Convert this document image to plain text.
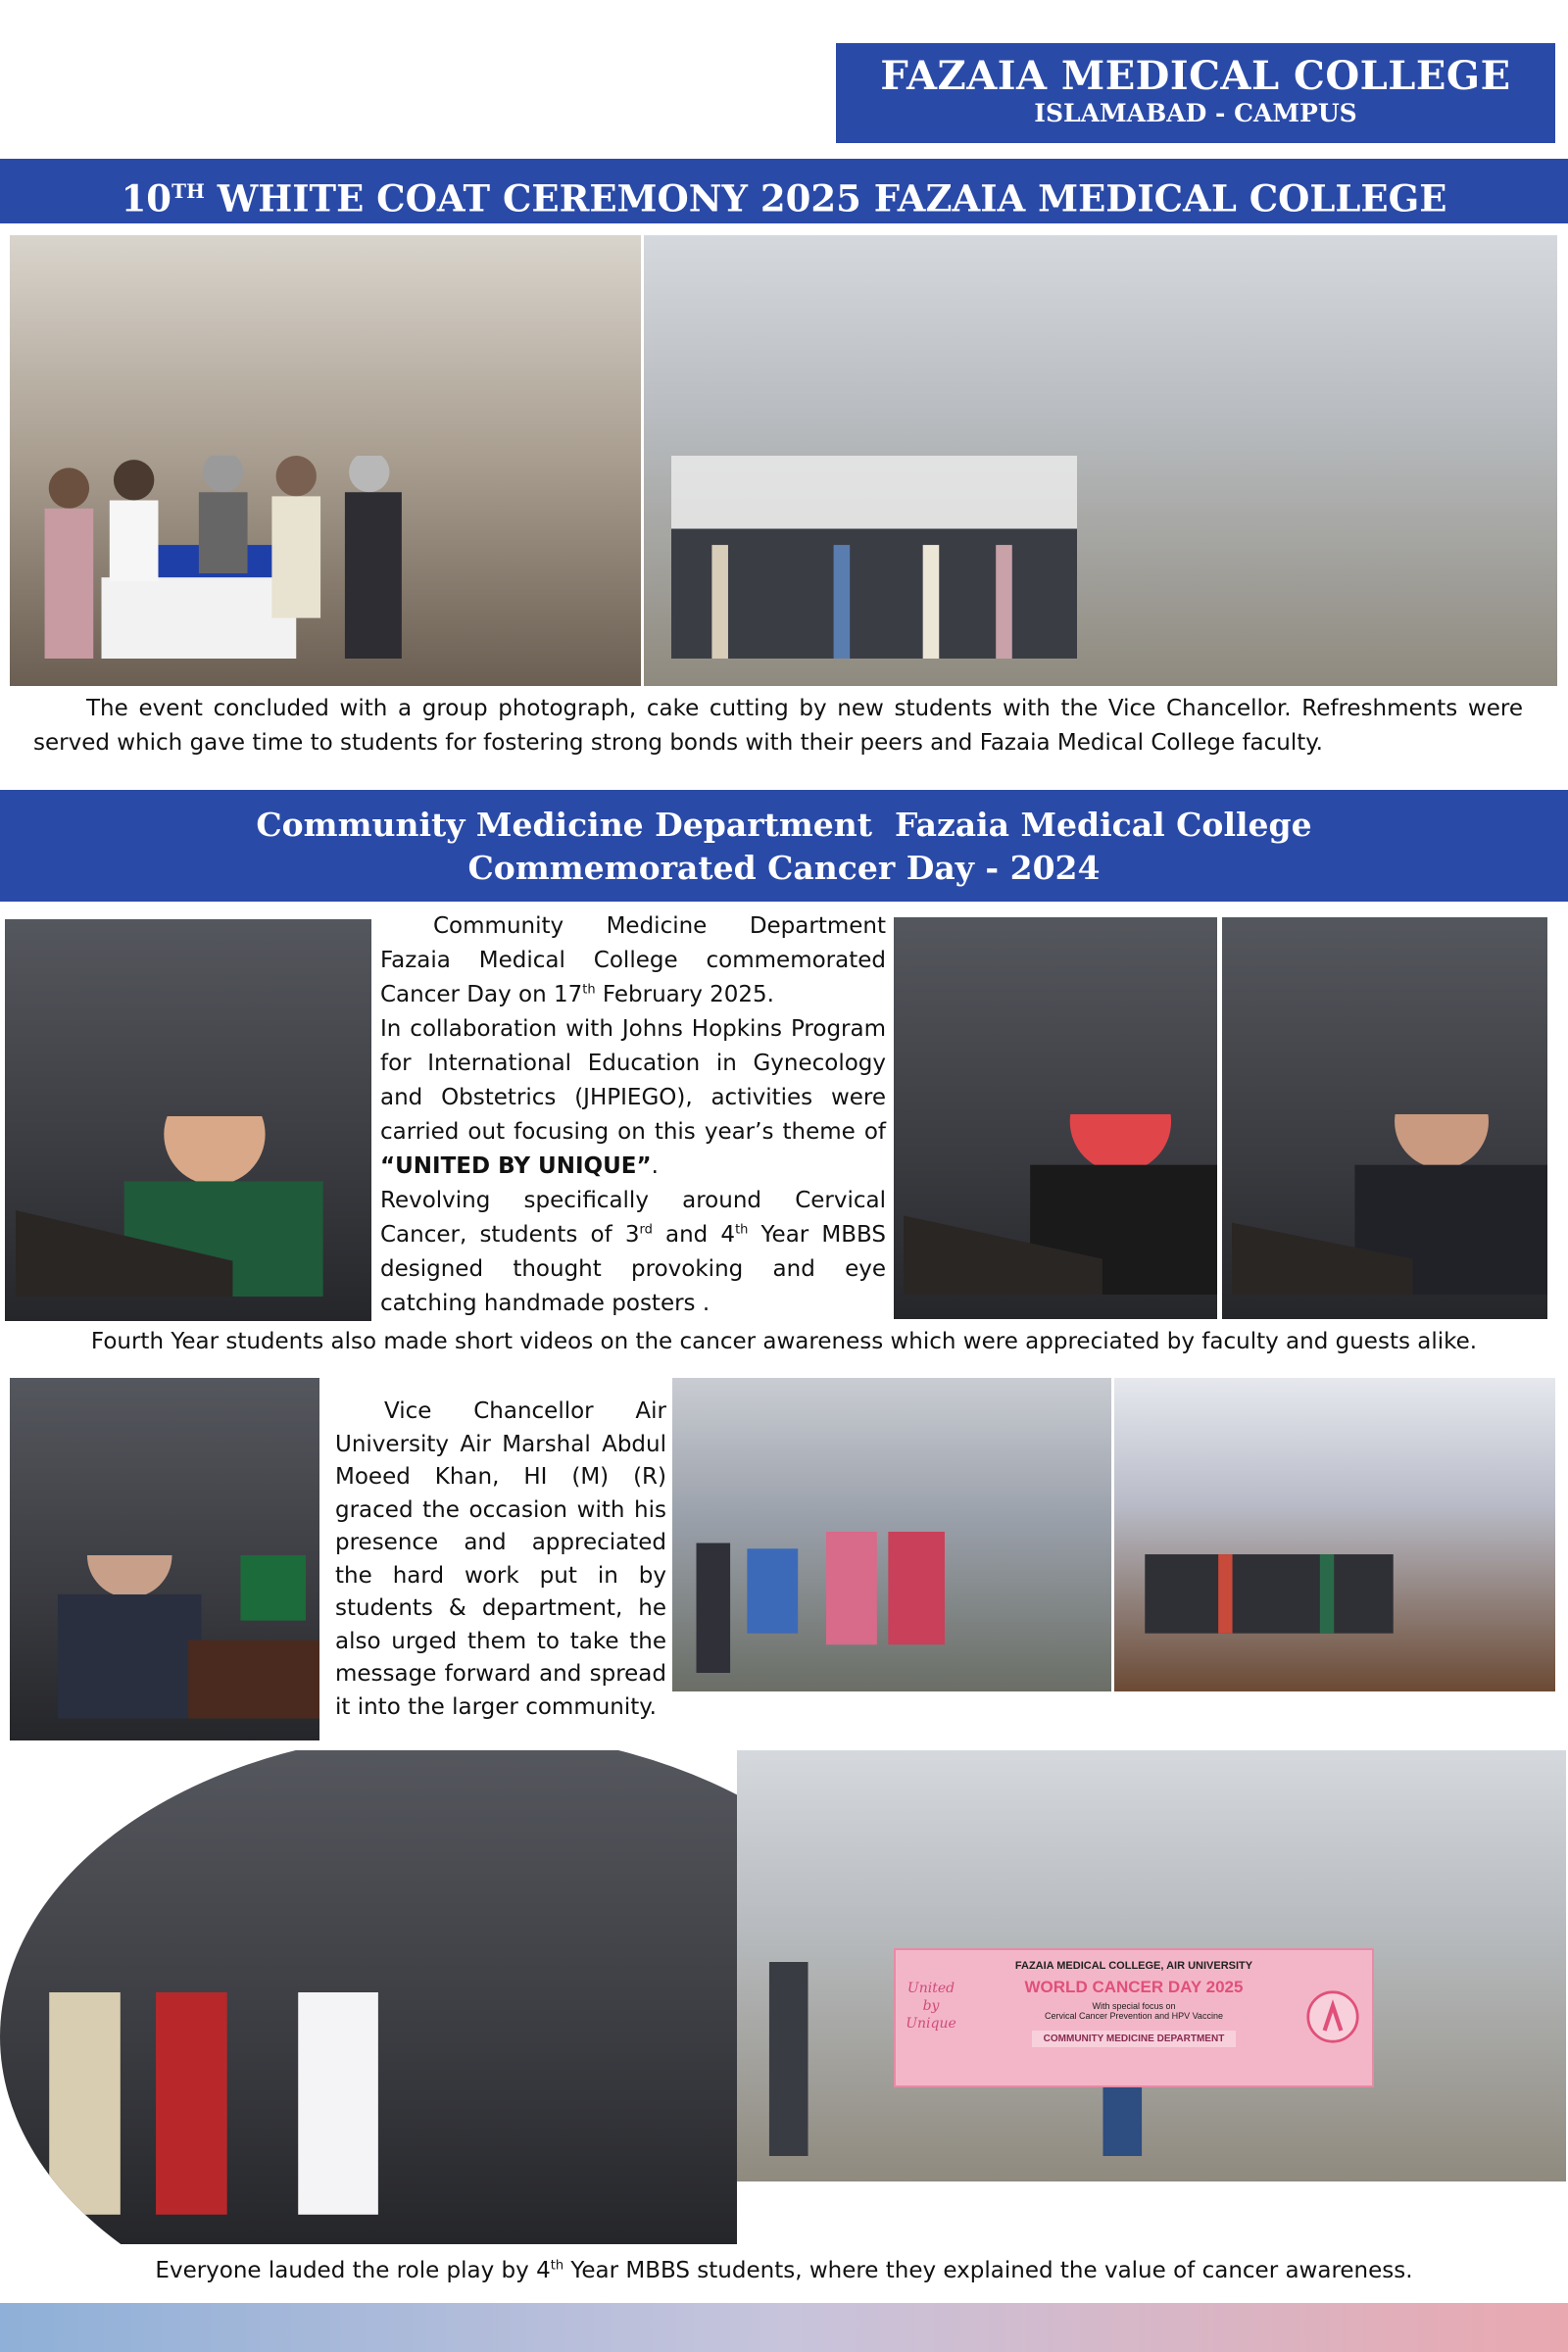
FAZAIA MEDICAL COLLEGE
ISLAMABAD - CAMPUS
10TH WHITE COAT CEREMONY 2025 FAZAIA MEDICAL COLLEGE
The event concluded with a group photograph, cake cutting by new students with the Vice Chancellor. Refreshments were served which gave time to students for fostering strong bonds with their peers and Fazaia Medical College faculty.
Community Medicine Department  Fazaia Medical College
Commemorated Cancer Day - 2024
Community Medicine Department Fazaia Medical College commemorated Cancer Day on 17th February 2025.
In collaboration with Johns Hopkins Program for International Education in Gynecology and Obstetrics (JHPIEGO), activities were carried out focusing on this year’s theme of “UNITED BY UNIQUE”.
Revolving specifically around Cervical Cancer, students of 3rd and 4th Year MBBS designed thought provoking and eye catching handmade posters .
Fourth Year students also made short videos on the cancer awareness which were appreciated by faculty and guests alike.
Vice Chancellor Air University Air Marshal Abdul Moeed Khan, HI (M) (R) graced the occasion with his presence and appreciated the hard work put in by students & department, he also urged them to take the message forward and spread it into the larger community.
FAZAIA MEDICAL COLLEGE, AIR UNIVERSITY
WORLD CANCER DAY 2025
With special focus on
Cervical Cancer Prevention and HPV Vaccine
COMMUNITY MEDICINE DEPARTMENT
United
by
Unique
Everyone lauded the role play by 4th Year MBBS students, where they explained the value of cancer awareness.
